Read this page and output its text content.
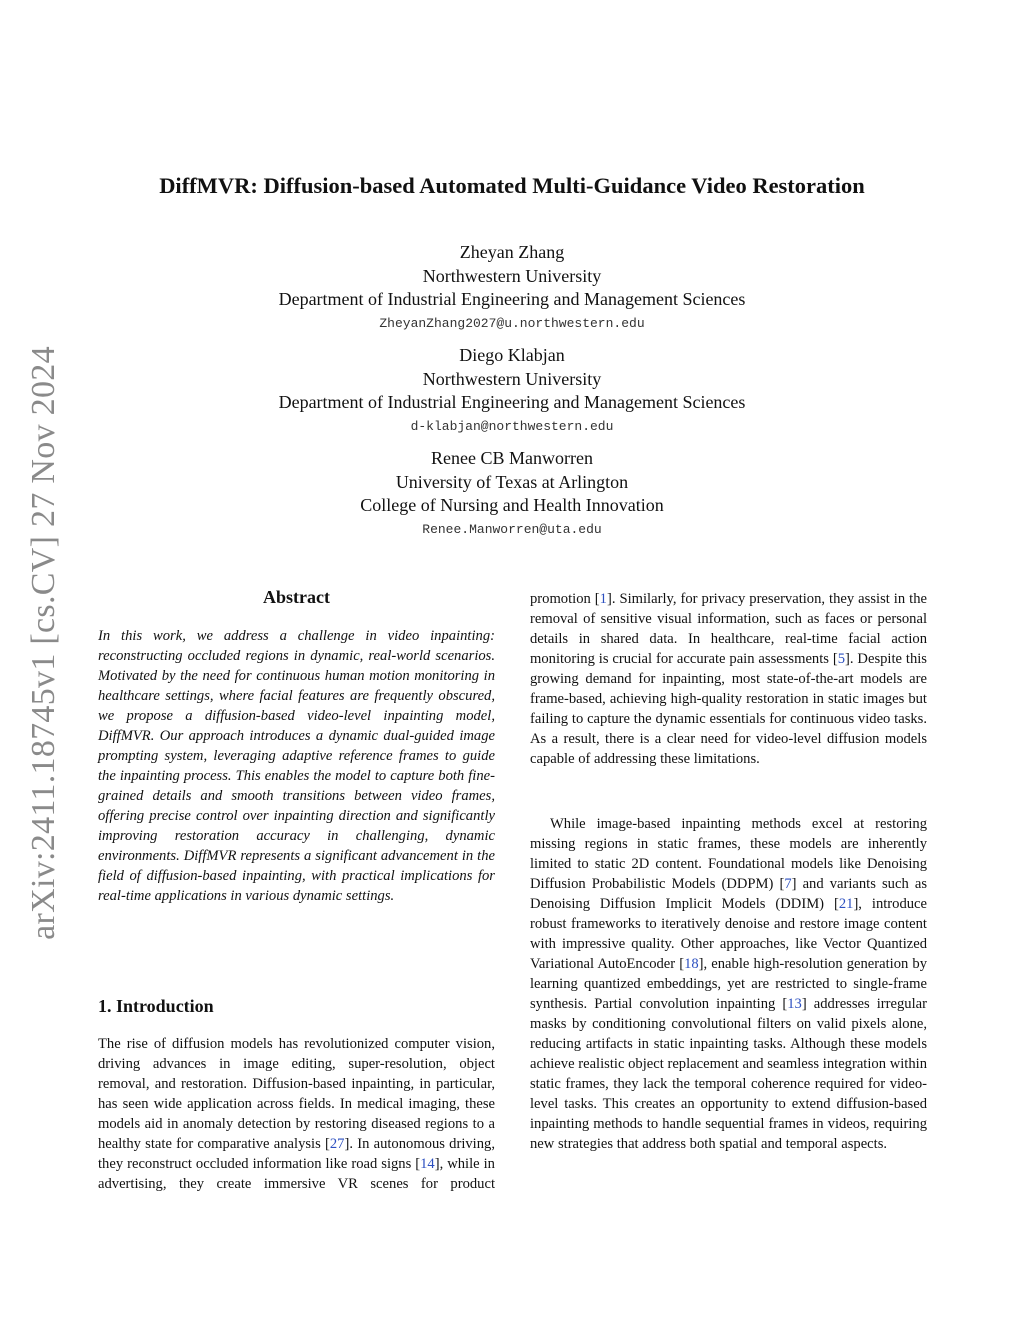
arXiv:2411.18745v1 [cs.CV] 27 Nov 2024
DiffMVR: Diffusion-based Automated Multi-Guidance Video Restoration
Zheyan Zhang
Northwestern University
Department of Industrial Engineering and Management Sciences
ZheyanZhang2027@u.northwestern.edu
Diego Klabjan
Northwestern University
Department of Industrial Engineering and Management Sciences
d-klabjan@northwestern.edu
Renee CB Manworren
University of Texas at Arlington
College of Nursing and Health Innovation
Renee.Manworren@uta.edu
Abstract

In this work, we address a challenge in video inpainting: reconstructing occluded regions in dynamic, real-world scenarios. Motivated by the need for continuous human motion monitoring in healthcare settings, where facial features are frequently obscured, we propose a diffusion-based video-level inpainting model, DiffMVR. Our approach introduces a dynamic dual-guided image prompting system, leveraging adaptive reference frames to guide the inpainting process. This enables the model to capture both fine-grained details and smooth transitions between video frames, offering precise control over inpainting direction and significantly improving restoration accuracy in challenging, dynamic environments. DiffMVR represents a significant advancement in the field of diffusion-based inpainting, with practical implications for real-time applications in various dynamic settings.

1. Introduction

The rise of diffusion models has revolutionized computer vision, driving advances in image editing, super-resolution, object removal, and restoration. Diffusion-based inpainting, in particular, has seen wide application across fields. In medical imaging, these models aid in anomaly detection by restoring diseased regions to a healthy state for comparative analysis [27]. In autonomous driving, they reconstruct occluded information like road signs [14], while in advertising, they create immersive VR scenes for product

promotion [1]. Similarly, for privacy preservation, they assist in the removal of sensitive visual information, such as faces or personal details in shared data. In healthcare, real-time facial action monitoring is crucial for accurate pain assessments [5]. Despite this growing demand for inpainting, most state-of-the-art models are frame-based, achieving high-quality restoration in static images but failing to capture the dynamic essentials for continuous video tasks. As a result, there is a clear need for video-level diffusion models capable of addressing these limitations.

While image-based inpainting methods excel at restoring missing regions in static frames, these models are inherently limited to static 2D content. Foundational models like Denoising Diffusion Probabilistic Models (DDPM) [7] and variants such as Denoising Diffusion Implicit Models (DDIM) [21], introduce robust frameworks to iteratively denoise and restore image content with impressive quality. Other approaches, like Vector Quantized Variational AutoEncoder [18], enable high-resolution generation by learning quantized embeddings, yet are restricted to single-frame synthesis. Partial convolution inpainting [13] addresses irregular masks by conditioning convolutional filters on valid pixels alone, reducing artifacts in static inpainting tasks. Although these models achieve realistic object replacement and seamless integration within static frames, they lack the temporal coherence required for video-level tasks. This creates an opportunity to extend diffusion-based inpainting methods to handle sequential frames in videos, requiring new strategies that address both spatial and temporal aspects.
